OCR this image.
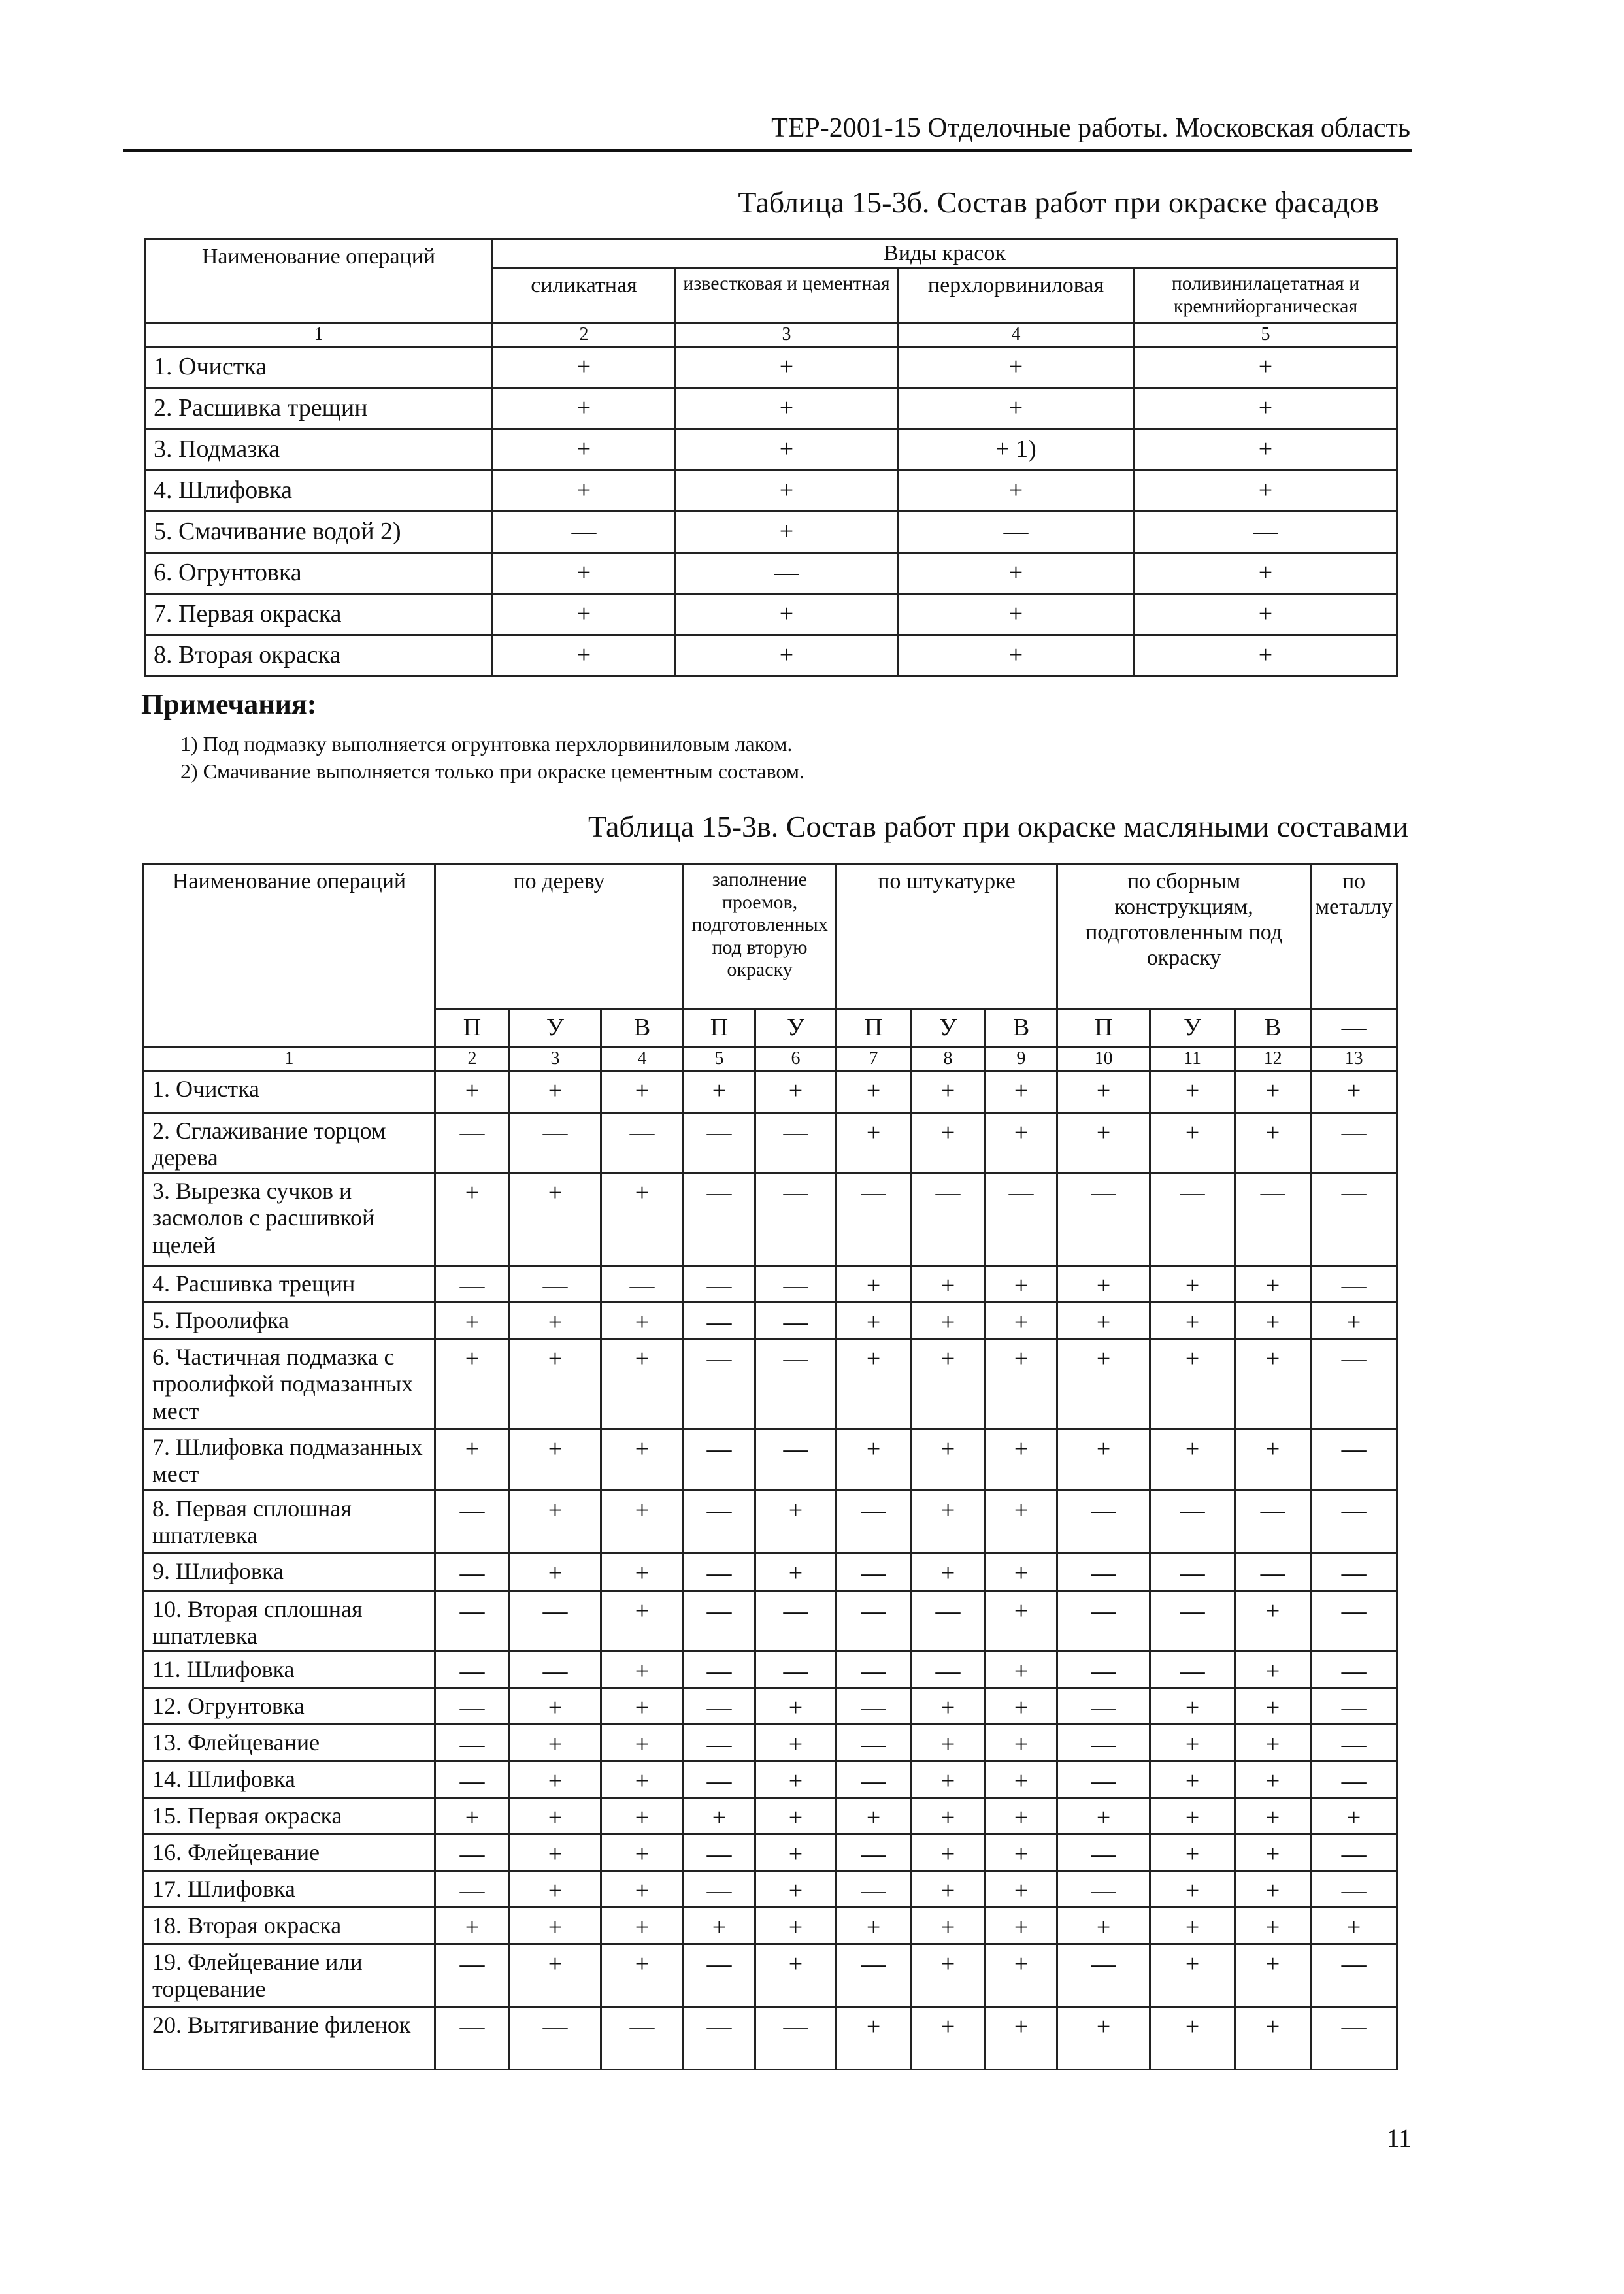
ТЕР-2001-15 Отделочные работы. Московская область
Таблица 15-3б. Состав работ при окраске фасадов
Наименование операций	Виды красок			
	силикатная	известковая и цементная	перхлорвиниловая	поливинилацетатная и кремнийорганическая
1	2	3	4	5
1. Очистка	+	+	+	+
2. Расшивка трещин	+	+	+	+
3. Подмазка	+	+	+ 1)	+
4. Шлифовка	+	+	+	+
5. Смачивание водой 2)	—	+	—	—
6. Огрунтовка	+	—	+	+
7. Первая окраска	+	+	+	+
8. Вторая окраска	+	+	+	+
Примечания:
1) Под подмазку выполняется огрунтовка перхлорвиниловым лаком.
2) Смачивание выполняется только при окраске цементным составом.
Таблица 15-3в. Состав работ при окраске масляными составами
Наименование операций	по дереву			заполнение проемов, подготовленных под вторую окраску		по штукатурке			по сборным конструкциям, подготовленным под окраску			по металлу
	П	У	В	П	У	П	У	В	П	У	В	—
1	2	3	4	5	6	7	8	9	10	11	12	13
1. Очистка	+	+	+	+	+	+	+	+	+	+	+	+
2. Сглаживание торцом дерева	—	—	—	—	—	+	+	+	+	+	+	—
3. Вырезка сучков и засмолов с расшивкой щелей	+	+	+	—	—	—	—	—	—	—	—	—
4. Расшивка трещин	—	—	—	—	—	+	+	+	+	+	+	—
5. Проолифка	+	+	+	—	—	+	+	+	+	+	+	+
6. Частичная подмазка с проолифкой подмазанных мест	+	+	+	—	—	+	+	+	+	+	+	—
7. Шлифовка подмазанных мест	+	+	+	—	—	+	+	+	+	+	+	—
8. Первая сплошная шпатлевка	—	+	+	—	+	—	+	+	—	—	—	—
9. Шлифовка	—	+	+	—	+	—	+	+	—	—	—	—
10. Вторая сплошная шпатлевка	—	—	+	—	—	—	—	+	—	—	+	—
11. Шлифовка	—	—	+	—	—	—	—	+	—	—	+	—
12. Огрунтовка	—	+	+	—	+	—	+	+	—	+	+	—
13. Флейцевание	—	+	+	—	+	—	+	+	—	+	+	—
14. Шлифовка	—	+	+	—	+	—	+	+	—	+	+	—
15. Первая окраска	+	+	+	+	+	+	+	+	+	+	+	+
16. Флейцевание	—	+	+	—	+	—	+	+	—	+	+	—
17. Шлифовка	—	+	+	—	+	—	+	+	—	+	+	—
18. Вторая окраска	+	+	+	+	+	+	+	+	+	+	+	+
19. Флейцевание или торцевание	—	+	+	—	+	—	+	+	—	+	+	—
20. Вытягивание филенок	—	—	—	—	—	+	+	+	+	+	+	—
11
